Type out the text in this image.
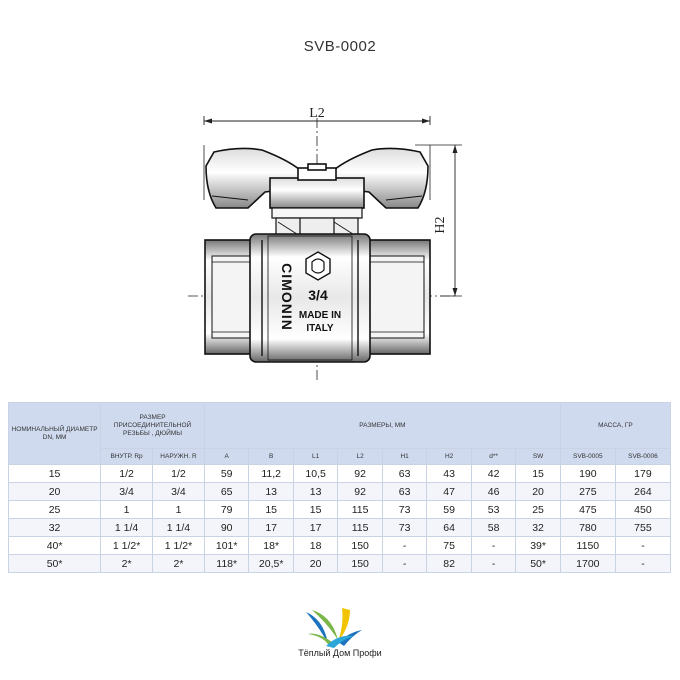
SVB-0002
L2
H2
CIMONIN 3/4
MADE IN
ITALY
НОМИНАЛЬНЫЙ ДИАМЕТР DN, ММ	РАЗМЕР ПРИСОЕДИНИТЕЛЬНОЙ РЕЗЬБЫ , ДЮЙМЫ		РАЗМЕРЫ, ММ								МАССА, ГР	
	ВНУТР. Rp	НАРУЖН. R	A	B	L1	L2	H1	H2	d**	SW	SVB-0005	SVB-0006
15	1/2	1/2	59	11,2	10,5	92	63	43	42	15	190	179
20	3/4	3/4	65	13	13	92	63	47	46	20	275	264
25	1	1	79	15	15	115	73	59	53	25	475	450
32	1 1/4	1 1/4	90	17	17	115	73	64	58	32	780	755
40*	1 1/2*	1 1/2*	101*	18*	18	150	-	75	-	39*	1150	-
50*	2*	2*	118*	20,5*	20	150	-	82	-	50*	1700	-
Тёплый Дом Профи
